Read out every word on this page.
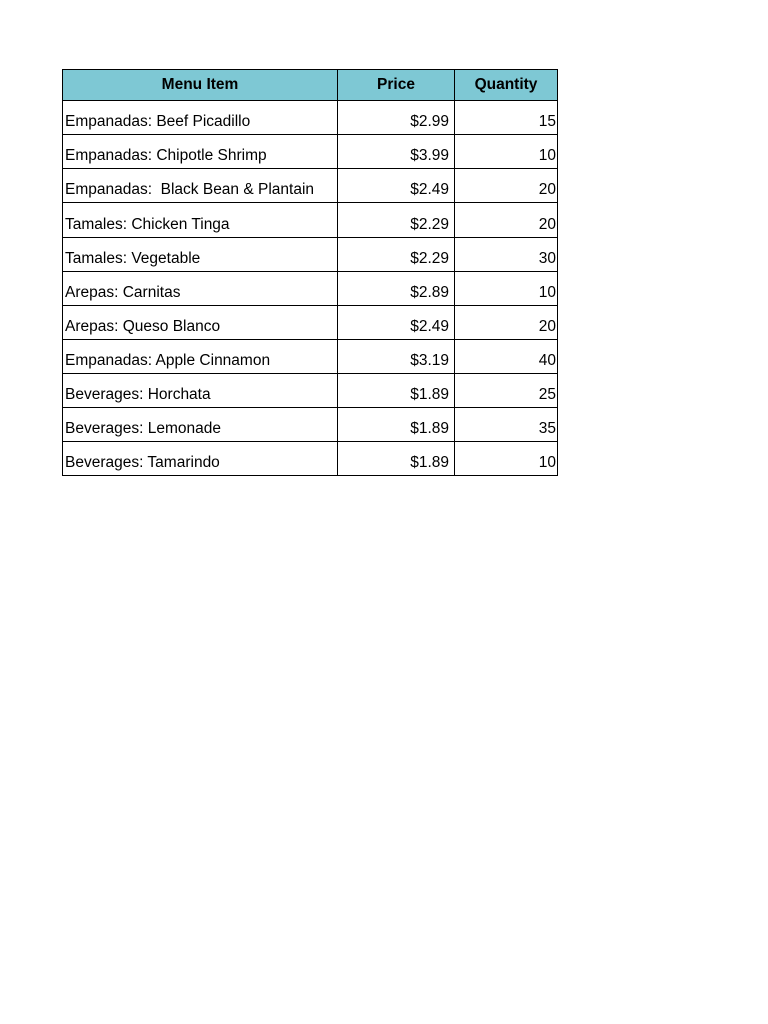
Menu Item	Price	Quantity
Empanadas: Beef Picadillo	$2.99	15
Empanadas: Chipotle Shrimp	$3.99	10
Empanadas:  Black Bean & Plantain	$2.49	20
Tamales: Chicken Tinga	$2.29	20
Tamales: Vegetable	$2.29	30
Arepas: Carnitas	$2.89	10
Arepas: Queso Blanco	$2.49	20
Empanadas: Apple Cinnamon	$3.19	40
Beverages: Horchata	$1.89	25
Beverages: Lemonade	$1.89	35
Beverages: Tamarindo	$1.89	10
